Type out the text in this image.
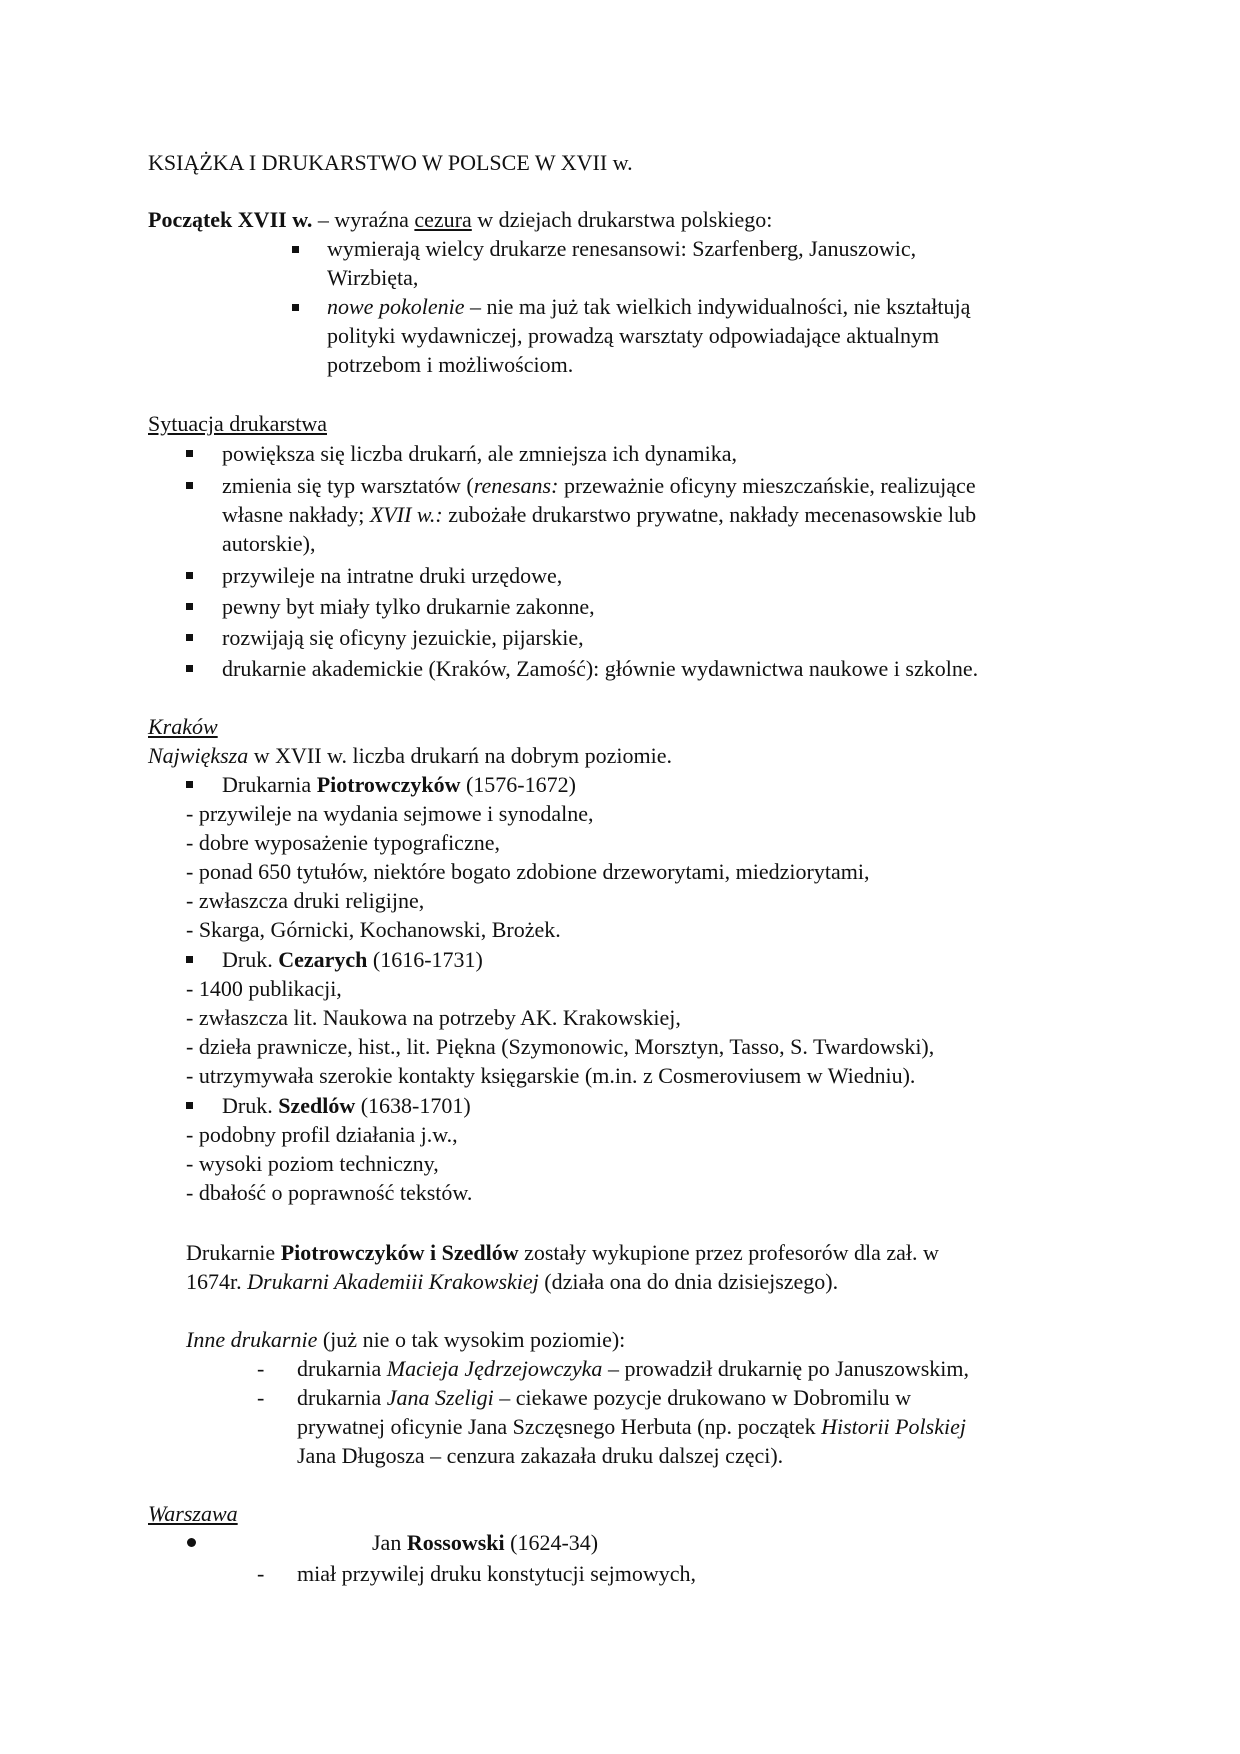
KSIĄŻKA I DRUKARSTWO W POLSCE W XVII w.
Początek XVII w. – wyraźna cezura w dziejach drukarstwa polskiego:
wymierają wielcy drukarze renesansowi: Szarfenberg, Januszowic,
Wirzbięta,
nowe pokolenie – nie ma już tak wielkich indywidualności, nie kształtują
polityki wydawniczej, prowadzą warsztaty odpowiadające aktualnym
potrzebom i możliwościom.
Sytuacja drukarstwa
powiększa się liczba drukarń, ale zmniejsza ich dynamika,
zmienia się typ warsztatów (renesans: przeważnie oficyny mieszczańskie, realizujące
własne nakłady; XVII w.: zubożałe drukarstwo prywatne, nakłady mecenasowskie lub
autorskie),
przywileje na intratne druki urzędowe,
pewny byt miały tylko drukarnie zakonne,
rozwijają się oficyny jezuickie, pijarskie,
drukarnie akademickie (Kraków, Zamość): głównie wydawnictwa naukowe i szkolne.
Kraków
Największa w XVII w. liczba drukarń na dobrym poziomie.
Drukarnia Piotrowczyków (1576-1672)
- przywileje na wydania sejmowe i synodalne,
- dobre wyposażenie typograficzne,
- ponad 650 tytułów, niektóre bogato zdobione drzeworytami, miedziorytami,
- zwłaszcza druki religijne,
- Skarga, Górnicki, Kochanowski, Brożek.
Druk. Cezarych (1616-1731)
- 1400 publikacji,
- zwłaszcza lit. Naukowa na potrzeby AK. Krakowskiej,
- dzieła prawnicze, hist., lit. Piękna (Szymonowic, Morsztyn, Tasso, S. Twardowski),
- utrzymywała szerokie kontakty księgarskie (m.in. z Cosmeroviusem w Wiedniu).
Druk. Szedlów (1638-1701)
- podobny profil działania j.w.,
- wysoki poziom techniczny,
- dbałość o poprawność tekstów.
Drukarnie Piotrowczyków i Szedlów zostały wykupione przez profesorów dla zał. w
1674r. Drukarni Akademiii Krakowskiej (działa ona do dnia dzisiejszego).
Inne drukarnie (już nie o tak wysokim poziomie):
- drukarnia Macieja Jędrzejowczyka – prowadził drukarnię po Januszowskim,
- drukarnia Jana Szeligi – ciekawe pozycje drukowano w Dobromilu w
prywatnej oficynie Jana Szczęsnego Herbuta (np. początek Historii Polskiej
Jana Długosza – cenzura zakazała druku dalszej częci).
Warszawa
Jan Rossowski (1624-34)
- miał przywilej druku konstytucji sejmowych,
